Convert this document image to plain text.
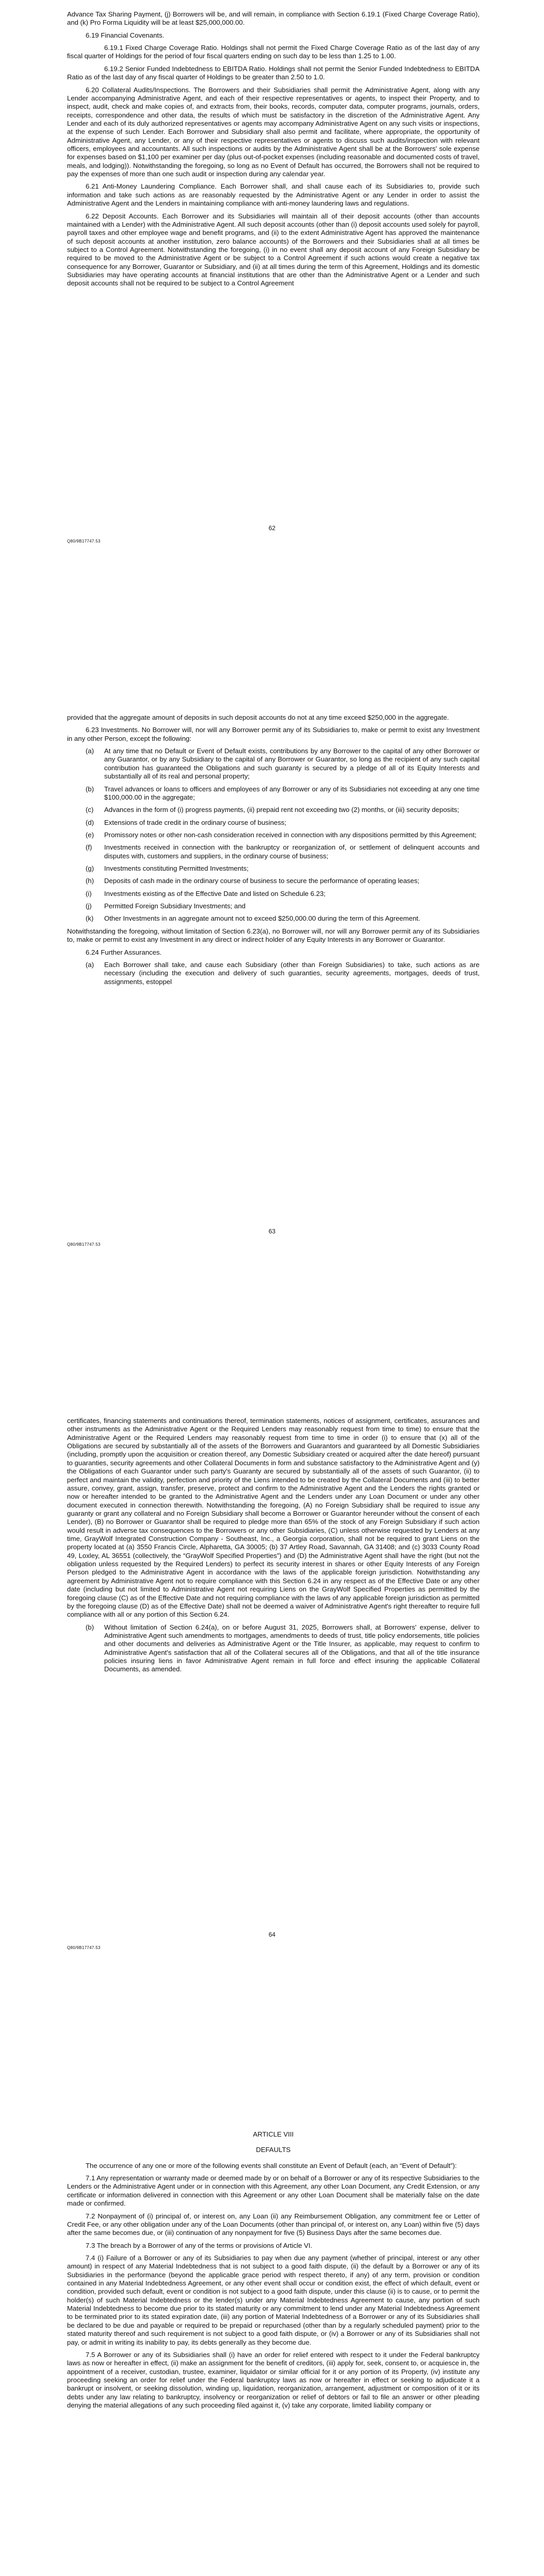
Advance Tax Sharing Payment, (j) Borrowers will be, and will remain, in compliance with Section 6.19.1 (Fixed Charge Coverage Ratio), and (k) Pro Forma Liquidity will be at least $25,000,000.00.

6.19 Financial Covenants.

6.19.1 Fixed Charge Coverage Ratio. Holdings shall not permit the Fixed Charge Coverage Ratio as of the last day of any fiscal quarter of Holdings for the period of four fiscal quarters ending on such day to be less than 1.25 to 1.00.

6.19.2 Senior Funded Indebtedness to EBITDA Ratio. Holdings shall not permit the Senior Funded Indebtedness to EBITDA Ratio as of the last day of any fiscal quarter of Holdings to be greater than 2.50 to 1.0.

6.20 Collateral Audits/Inspections. The Borrowers and their Subsidiaries shall permit the Administrative Agent, along with any Lender accompanying Administrative Agent, and each of their respective representatives or agents, to inspect their Property, and to inspect, audit, check and make copies of, and extracts from, their books, records, computer data, computer programs, journals, orders, receipts, correspondence and other data, the results of which must be satisfactory in the discretion of the Administrative Agent. Any Lender and each of its duly authorized representatives or agents may accompany Administrative Agent on any such visits or inspections, at the expense of such Lender. Each Borrower and Subsidiary shall also permit and facilitate, where appropriate, the opportunity of Administrative Agent, any Lender, or any of their respective representatives or agents to discuss such audits/inspection with relevant officers, employees and accountants. All such inspections or audits by the Administrative Agent shall be at the Borrowers' sole expense for expenses based on $1,100 per examiner per day (plus out-of-pocket expenses (including reasonable and documented costs of travel, meals, and lodging)). Notwithstanding the foregoing, so long as no Event of Default has occurred, the Borrowers shall not be required to pay the expenses of more than one such audit or inspection during any calendar year.

6.21 Anti-Money Laundering Compliance. Each Borrower shall, and shall cause each of its Subsidiaries to, provide such information and take such actions as are reasonably requested by the Administrative Agent or any Lender in order to assist the Administrative Agent and the Lenders in maintaining compliance with anti-money laundering laws and regulations.

6.22 Deposit Accounts. Each Borrower and its Subsidiaries will maintain all of their deposit accounts (other than accounts maintained with a Lender) with the Administrative Agent. All such deposit accounts (other than (i) deposit accounts used solely for payroll, payroll taxes and other employee wage and benefit programs, and (ii) to the extent Administrative Agent has approved the maintenance of such deposit accounts at another institution, zero balance accounts) of the Borrowers and their Subsidiaries shall at all times be subject to a Control Agreement. Notwithstanding the foregoing, (i) in no event shall any deposit account of any Foreign Subsidiary be required to be moved to the Administrative Agent or be subject to a Control Agreement if such actions would create a negative tax consequence for any Borrower, Guarantor or Subsidiary, and (ii) at all times during the term of this Agreement, Holdings and its domestic Subsidiaries may have operating accounts at financial institutions that are other than the Administrative Agent or a Lender and such deposit accounts shall not be required to be subject to a Control Agreement

62
Q80/9B17747.53

provided that the aggregate amount of deposits in such deposit accounts do not at any time exceed $250,000 in the aggregate.

6.23 Investments. No Borrower will, nor will any Borrower permit any of its Subsidiaries to, make or permit to exist any Investment in any other Person, except the following:

(a) At any time that no Default or Event of Default exists, contributions by any Borrower to the capital of any other Borrower or any Guarantor, or by any Subsidiary to the capital of any Borrower or Guarantor, so long as the recipient of any such capital contribution has guaranteed the Obligations and such guaranty is secured by a pledge of all of its Equity Interests and substantially all of its real and personal property;

(b) Travel advances or loans to officers and employees of any Borrower or any of its Subsidiaries not exceeding at any one time $100,000.00 in the aggregate;

(c) Advances in the form of (i) progress payments, (ii) prepaid rent not exceeding two (2) months, or (iii) security deposits;

(d) Extensions of trade credit in the ordinary course of business;

(e) Promissory notes or other non-cash consideration received in connection with any dispositions permitted by this Agreement;

(f) Investments received in connection with the bankruptcy or reorganization of, or settlement of delinquent accounts and disputes with, customers and suppliers, in the ordinary course of business;

(g) Investments constituting Permitted Investments;

(h) Deposits of cash made in the ordinary course of business to secure the performance of operating leases;

(i) Investments existing as of the Effective Date and listed on Schedule 6.23;

(j) Permitted Foreign Subsidiary Investments; and

(k) Other Investments in an aggregate amount not to exceed $250,000.00 during the term of this Agreement.

Notwithstanding the foregoing, without limitation of Section 6.23(a), no Borrower will, nor will any Borrower permit any of its Subsidiaries to, make or permit to exist any Investment in any direct or indirect holder of any Equity Interests in any Borrower or Guarantor.

6.24 Further Assurances.

(a) Each Borrower shall take, and cause each Subsidiary (other than Foreign Subsidiaries) to take, such actions as are necessary (including the execution and delivery of such guaranties, security agreements, mortgages, deeds of trust, assignments, estoppel

63
Q80/9B17747.53

certificates, financing statements and continuations thereof, termination statements, notices of assignment, certificates, assurances and other instruments as the Administrative Agent or the Required Lenders may reasonably request from time to time) to ensure that the Administrative Agent or the Required Lenders may reasonably request from time to time in order (i) to ensure that (x) all of the Obligations are secured by substantially all of the assets of the Borrowers and Guarantors and guaranteed by all Domestic Subsidiaries (including, promptly upon the acquisition or creation thereof, any Domestic Subsidiary created or acquired after the date hereof) pursuant to guaranties, security agreements and other Collateral Documents in form and substance satisfactory to the Administrative Agent and (y) the Obligations of each Guarantor under such party's Guaranty are secured by substantially all of the assets of such Guarantor, (ii) to perfect and maintain the validity, perfection and priority of the Liens intended to be created by the Collateral Documents and (iii) to better assure, convey, grant, assign, transfer, preserve, protect and confirm to the Administrative Agent and the Lenders the rights granted or now or hereafter intended to be granted to the Administrative Agent and the Lenders under any Loan Document or under any other document executed in connection therewith. Notwithstanding the foregoing, (A) no Foreign Subsidiary shall be required to issue any guaranty or grant any collateral and no Foreign Subsidiary shall become a Borrower or Guarantor hereunder without the consent of each Lender), (B) no Borrower or Guarantor shall be required to pledge more than 65% of the stock of any Foreign Subsidiary if such action would result in adverse tax consequences to the Borrowers or any other Subsidiaries, (C) unless otherwise requested by Lenders at any time, GrayWolf Integrated Construction Company - Southeast, Inc., a Georgia corporation, shall not be required to grant Liens on the property located at (a) 3550 Francis Circle, Alpharetta, GA 30005; (b) 37 Artley Road, Savannah, GA 31408; and (c) 3033 County Road 49, Loxley, AL 36551 (collectively, the “GrayWolf Specified Properties”) and (D) the Administrative Agent shall have the right (but not the obligation unless requested by the Required Lenders) to perfect its security interest in shares or other Equity Interests of any Foreign Person pledged to the Administrative Agent in accordance with the laws of the applicable foreign jurisdiction. Notwithstanding any agreement by Administrative Agent not to require compliance with this Section 6.24 in any respect as of the Effective Date or any other date (including but not limited to Administrative Agent not requiring Liens on the GrayWolf Specified Properties as permitted by the foregoing clause (C) as of the Effective Date and not requiring compliance with the laws of any applicable foreign jurisdiction as permitted by the foregoing clause (D) as of the Effective Date) shall not be deemed a waiver of Administrative Agent's right thereafter to require full compliance with all or any portion of this Section 6.24.

(b) Without limitation of Section 6.24(a), on or before August 31, 2025, Borrowers shall, at Borrowers' expense, deliver to Administrative Agent such amendments to mortgages, amendments to deeds of trust, title policy endorsements, title policies and other documents and deliveries as Administrative Agent or the Title Insurer, as applicable, may request to confirm to Administrative Agent's satisfaction that all of the Collateral secures all of the Obligations, and that all of the title insurance policies insuring liens in favor Administrative Agent remain in full force and effect insuring the applicable Collateral Documents, as amended.

64
Q80/9B17747.53

ARTICLE VIII

DEFAULTS

The occurrence of any one or more of the following events shall constitute an Event of Default (each, an “Event of Default”):

7.1 Any representation or warranty made or deemed made by or on behalf of a Borrower or any of its respective Subsidiaries to the Lenders or the Administrative Agent under or in connection with this Agreement, any other Loan Document, any Credit Extension, or any certificate or information delivered in connection with this Agreement or any other Loan Document shall be materially false on the date made or confirmed.

7.2 Nonpayment of (i) principal of, or interest on, any Loan (ii) any Reimbursement Obligation, any commitment fee or Letter of Credit Fee, or any other obligation under any of the Loan Documents (other than principal of, or interest on, any Loan) within five (5) days after the same becomes due, or (iii) continuation of any nonpayment for five (5) Business Days after the same becomes due.

7.3 The breach by a Borrower of any of the terms or provisions of Article VI.

7.4 (i) Failure of a Borrower or any of its Subsidiaries to pay when due any payment (whether of principal, interest or any other amount) in respect of any Material Indebtedness that is not subject to a good faith dispute, (ii) the default by a Borrower or any of its Subsidiaries in the performance (beyond the applicable grace period with respect thereto, if any) of any term, provision or condition contained in any Material Indebtedness Agreement, or any other event shall occur or condition exist, the effect of which default, event or condition, provided such default, event or condition is not subject to a good faith dispute, under this clause (ii) is to cause, or to permit the holder(s) of such Material Indebtedness or the lender(s) under any Material Indebtedness Agreement to cause, any portion of such Material Indebtedness to become due prior to its stated maturity or any commitment to lend under any Material Indebtedness Agreement to be terminated prior to its stated expiration date, (iii) any portion of Material Indebtedness of a Borrower or any of its Subsidiaries shall be declared to be due and payable or required to be prepaid or repurchased (other than by a regularly scheduled payment) prior to the stated maturity thereof and such requirement is not subject to a good faith dispute, or (iv) a Borrower or any of its Subsidiaries shall not pay, or admit in writing its inability to pay, its debts generally as they become due.

7.5 A Borrower or any of its Subsidiaries shall (i) have an order for relief entered with respect to it under the Federal bankruptcy laws as now or hereafter in effect, (ii) make an assignment for the benefit of creditors, (iii) apply for, seek, consent to, or acquiesce in, the appointment of a receiver, custodian, trustee, examiner, liquidator or similar official for it or any portion of its Property, (iv) institute any proceeding seeking an order for relief under the Federal bankruptcy laws as now or hereafter in effect or seeking to adjudicate it a bankrupt or insolvent, or seeking dissolution, winding up, liquidation, reorganization, arrangement, adjustment or composition of it or its debts under any law relating to bankruptcy, insolvency or reorganization or relief of debtors or fail to file an answer or other pleading denying the material allegations of any such proceeding filed against it, (v) take any corporate, limited liability company or
